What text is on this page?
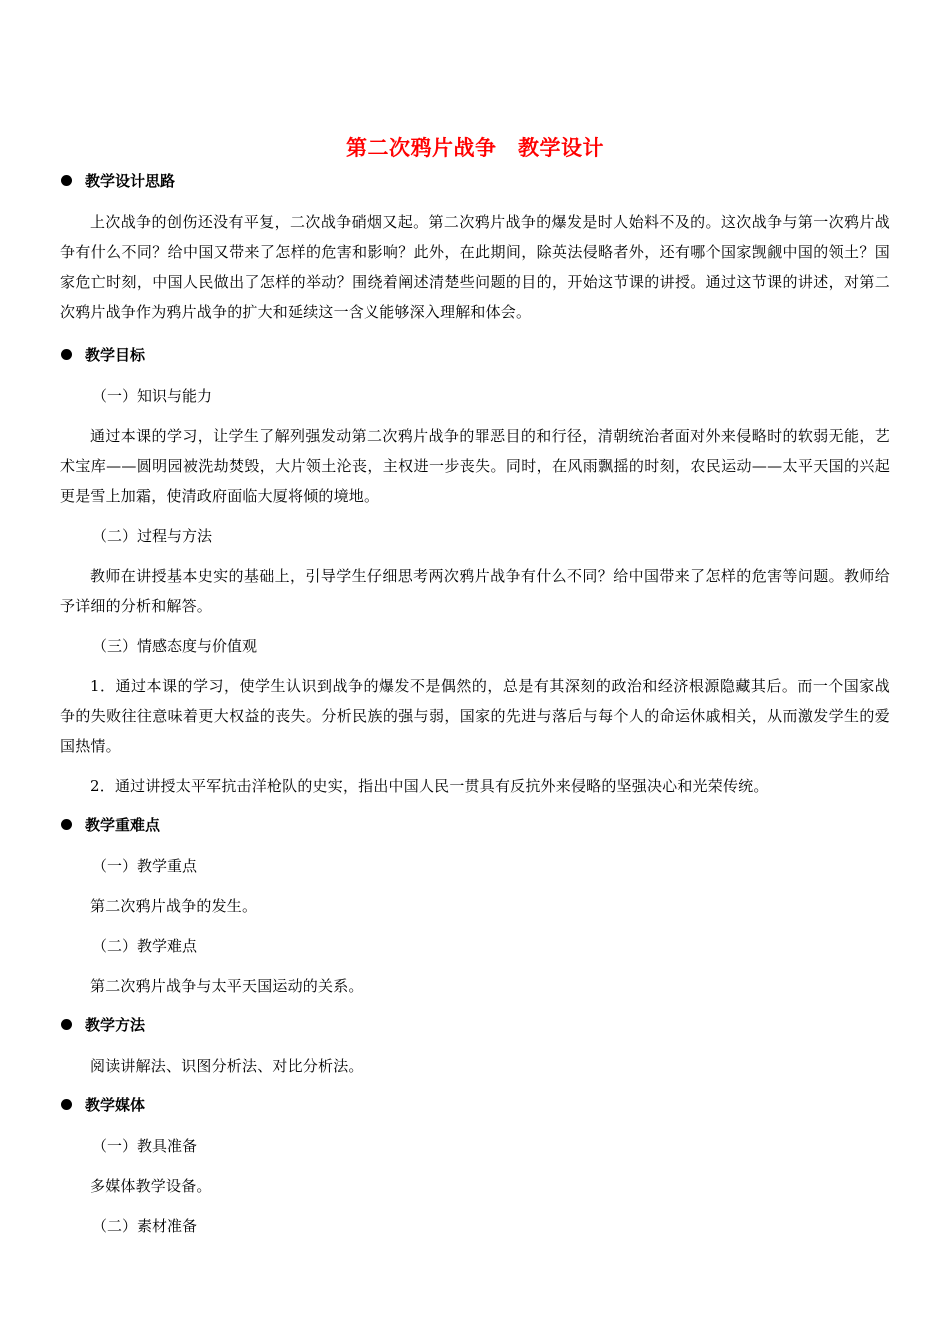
第二次鸦片战争　教学设计
教学设计思路

上次战争的创伤还没有平复，二次战争硝烟又起。第二次鸦片战争的爆发是时人始料不及的。这次战争与第一次鸦片战争有什么不同？给中国又带来了怎样的危害和影响？此外，在此期间，除英法侵略者外，还有哪个国家觊觎中国的领土？国家危亡时刻，中国人民做出了怎样的举动？围绕着阐述清楚些问题的目的，开始这节课的讲授。通过这节课的讲述，对第二次鸦片战争作为鸦片战争的扩大和延续这一含义能够深入理解和体会。

教学目标

（一）知识与能力

通过本课的学习，让学生了解列强发动第二次鸦片战争的罪恶目的和行径，清朝统治者面对外来侵略时的软弱无能，艺术宝库——圆明园被洗劫焚毁，大片领土沦丧，主权进一步丧失。同时，在风雨飘摇的时刻，农民运动——太平天国的兴起更是雪上加霜，使清政府面临大厦将倾的境地。

（二）过程与方法

教师在讲授基本史实的基础上，引导学生仔细思考两次鸦片战争有什么不同？给中国带来了怎样的危害等问题。教师给予详细的分析和解答。

（三）情感态度与价值观

1．通过本课的学习，使学生认识到战争的爆发不是偶然的，总是有其深刻的政治和经济根源隐藏其后。而一个国家战争的失败往往意味着更大权益的丧失。分析民族的强与弱，国家的先进与落后与每个人的命运休戚相关，从而激发学生的爱国热情。

2．通过讲授太平军抗击洋枪队的史实，指出中国人民一贯具有反抗外来侵略的坚强决心和光荣传统。

教学重难点

（一）教学重点

第二次鸦片战争的发生。

（二）教学难点

第二次鸦片战争与太平天国运动的关系。

教学方法

阅读讲解法、识图分析法、对比分析法。

教学媒体

（一）教具准备

多媒体教学设备。

（二）素材准备
